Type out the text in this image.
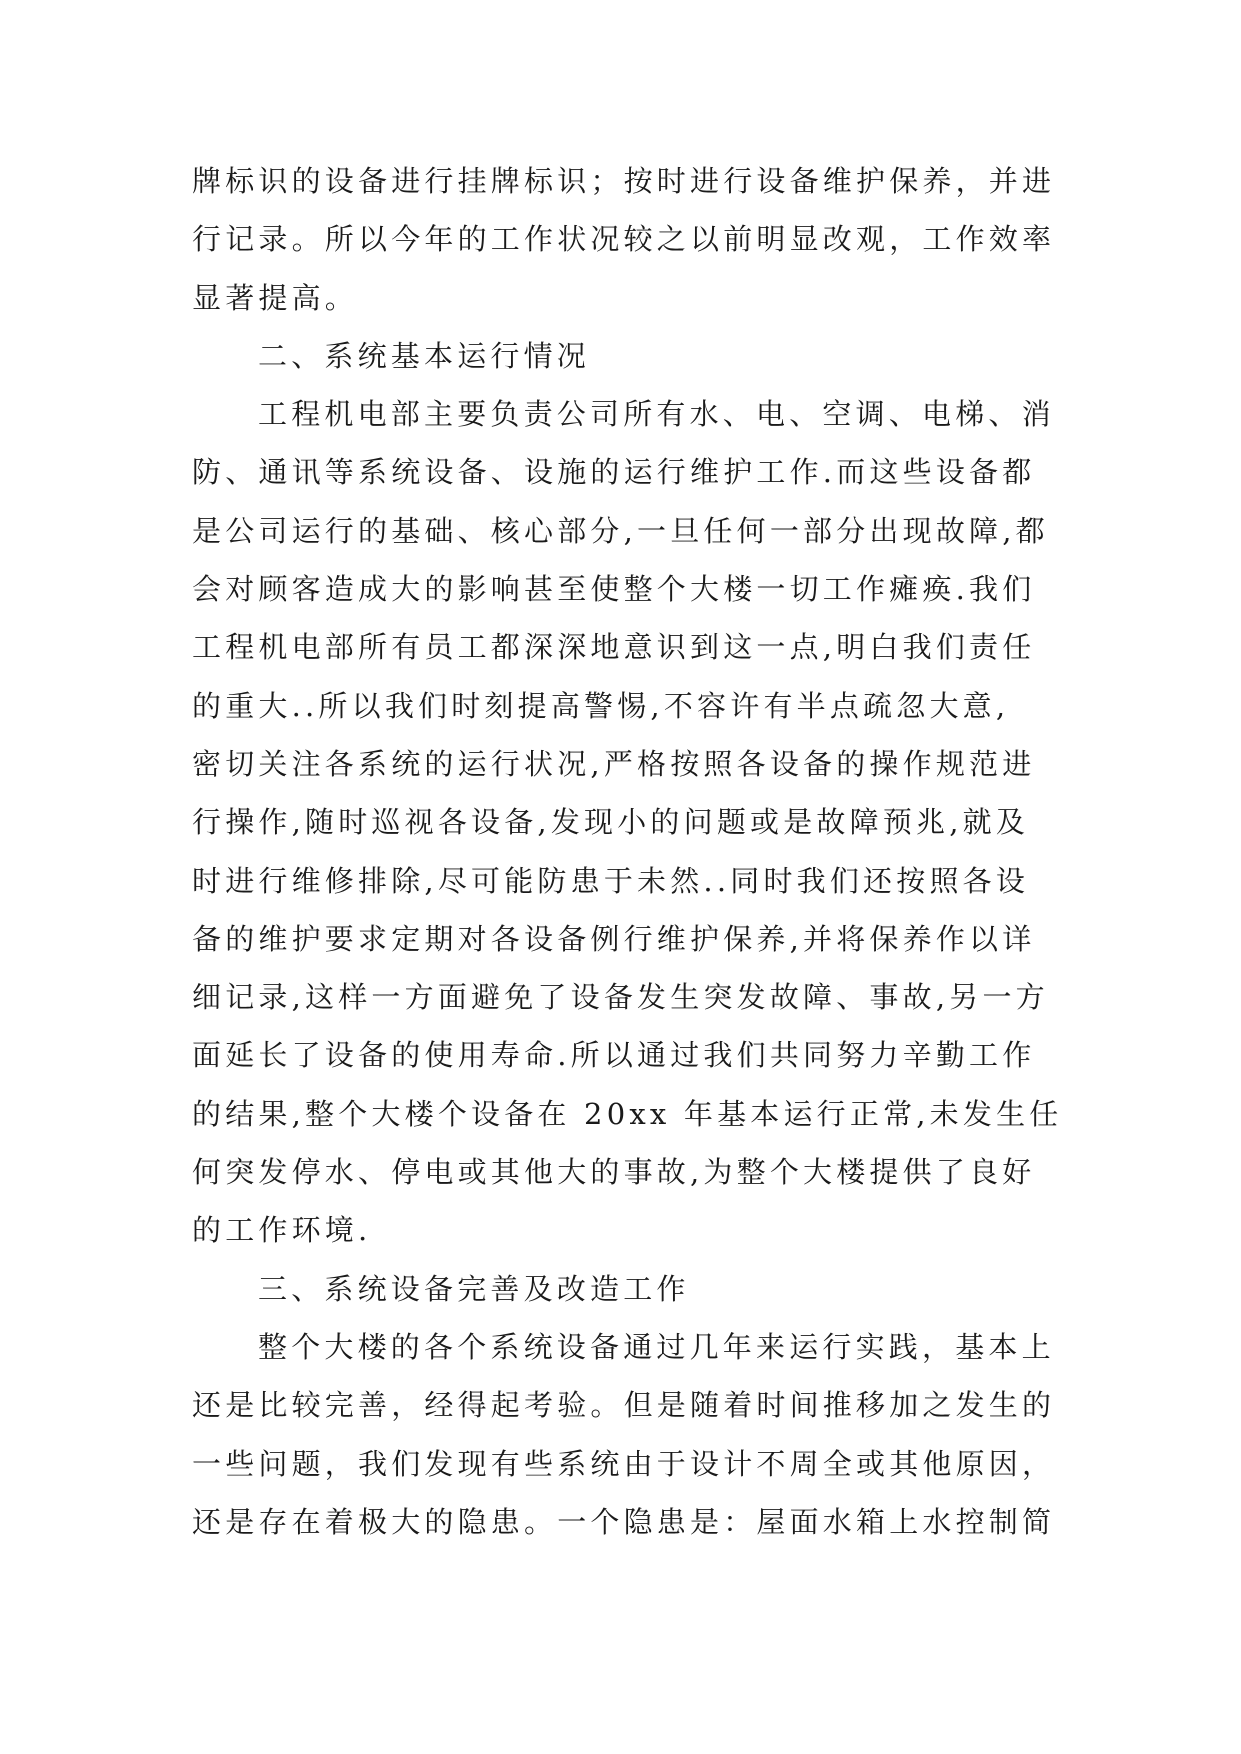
牌标识的设备进行挂牌标识；按时进行设备维护保养，并进
行记录。所以今年的工作状况较之以前明显改观，工作效率
显著提高。
二、系统基本运行情况
工程机电部主要负责公司所有水、电、空调、电梯、消
防、通讯等系统设备、设施的运行维护工作.而这些设备都
是公司运行的基础、核心部分,一旦任何一部分出现故障,都
会对顾客造成大的影响甚至使整个大楼一切工作瘫痪.我们
工程机电部所有员工都深深地意识到这一点,明白我们责任
的重大..所以我们时刻提高警惕,不容许有半点疏忽大意,
密切关注各系统的运行状况,严格按照各设备的操作规范进
行操作,随时巡视各设备,发现小的问题或是故障预兆,就及
时进行维修排除,尽可能防患于未然..同时我们还按照各设
备的维护要求定期对各设备例行维护保养,并将保养作以详
细记录,这样一方面避免了设备发生突发故障、事故,另一方
面延长了设备的使用寿命.所以通过我们共同努力辛勤工作
的结果,整个大楼个设备在 20xx 年基本运行正常,未发生任
何突发停水、停电或其他大的事故,为整个大楼提供了良好
的工作环境.
三、系统设备完善及改造工作
整个大楼的各个系统设备通过几年来运行实践，基本上
还是比较完善，经得起考验。但是随着时间推移加之发生的
一些问题，我们发现有些系统由于设计不周全或其他原因，
还是存在着极大的隐患。一个隐患是：屋面水箱上水控制简
